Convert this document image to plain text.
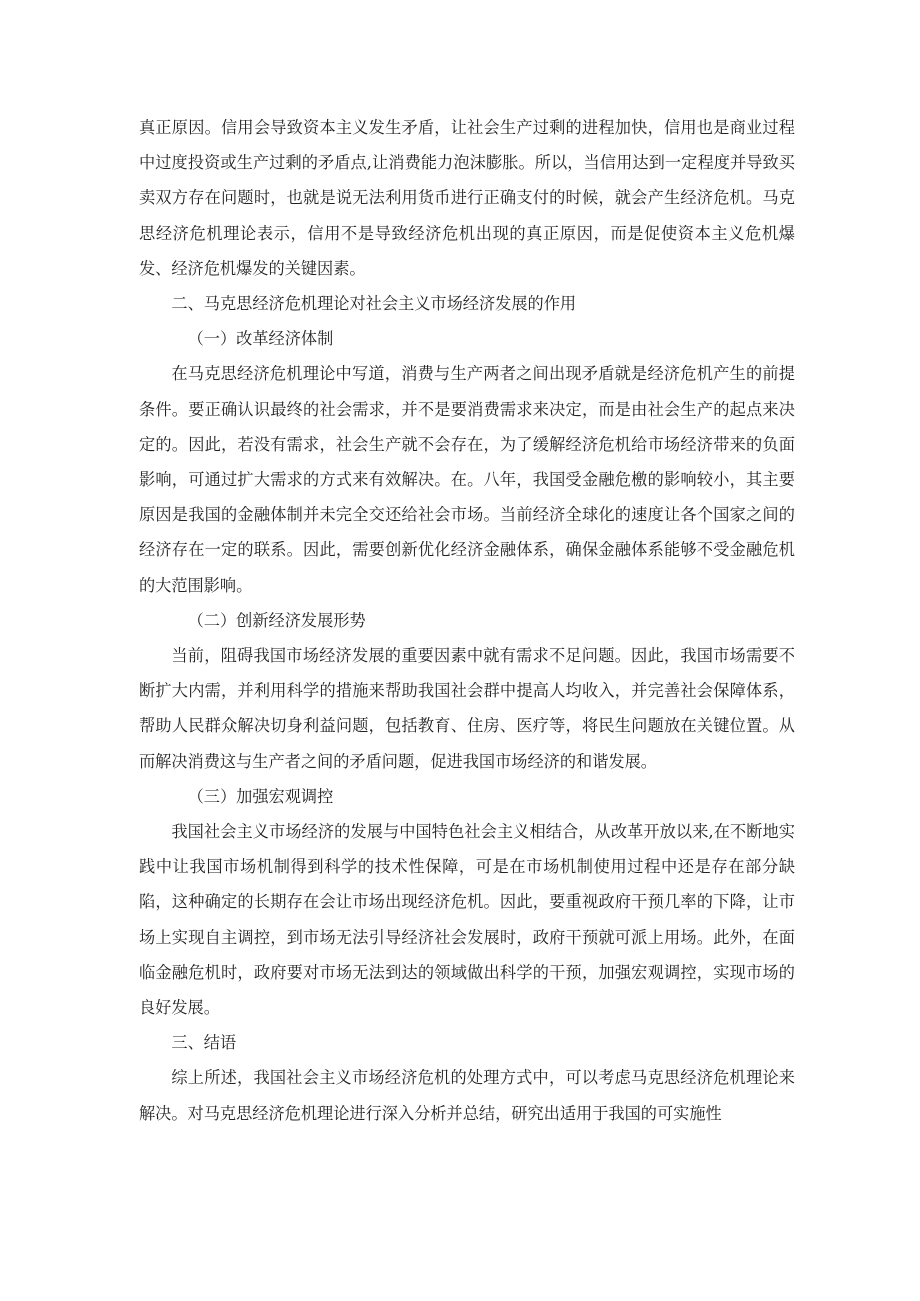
真正原因。信用会导致资本主义发生矛盾，让社会生产过剩的进程加快，信用也是商业过程中过度投资或生产过剩的矛盾点,让消费能力泡沫膨胀。所以，当信用达到一定程度并导致买卖双方存在问题时，也就是说无法利用货币进行正确支付的时候，就会产生经济危机。马克思经济危机理论表示，信用不是导致经济危机出现的真正原因，而是促使资本主义危机爆发、经济危机爆发的关键因素。

二、马克思经济危机理论对社会主义市场经济发展的作用

（一）改革经济体制

在马克思经济危机理论中写道，消费与生产两者之间出现矛盾就是经济危机产生的前提条件。要正确认识最终的社会需求，并不是要消费需求来决定，而是由社会生产的起点来决定的。因此，若没有需求，社会生产就不会存在，为了缓解经济危机给市场经济带来的负面影响，可通过扩大需求的方式来有效解决。在。八年，我国受金融危檄的影响较小，其主要原因是我国的金融体制并未完全交还给社会市场。当前经济全球化的速度让各个国家之间的经济存在一定的联系。因此，需要创新优化经济金融体系，确保金融体系能够不受金融危机的大范围影响。

（二）创新经济发展形势

当前，阻碍我国市场经济发展的重要因素中就有需求不足问题。因此，我国市场需要不断扩大内需，并利用科学的措施来帮助我国社会群中提高人均收入，并完善社会保障体系，帮助人民群众解决切身利益问题，包括教育、住房、医疗等，将民生问题放在关键位置。从而解决消费这与生产者之间的矛盾问题，促进我国市场经济的和谐发展。

（三）加强宏观调控

我国社会主义市场经济的发展与中国特色社会主义相结合，从改革开放以来,在不断地实践中让我国市场机制得到科学的技术性保障，可是在市场机制使用过程中还是存在部分缺陷，这种确定的长期存在会让市场出现经济危机。因此，要重视政府干预几率的下降，让市场上实现自主调控，到市场无法引导经济社会发展时，政府干预就可派上用场。此外，在面临金融危机时，政府要对市场无法到达的领域做出科学的干预，加强宏观调控，实现市场的良好发展。

三、结语

综上所述，我国社会主义市场经济危机的处理方式中，可以考虑马克思经济危机理论来解决。对马克思经济危机理论进行深入分析并总结，研究出适用于我国的可实施性
